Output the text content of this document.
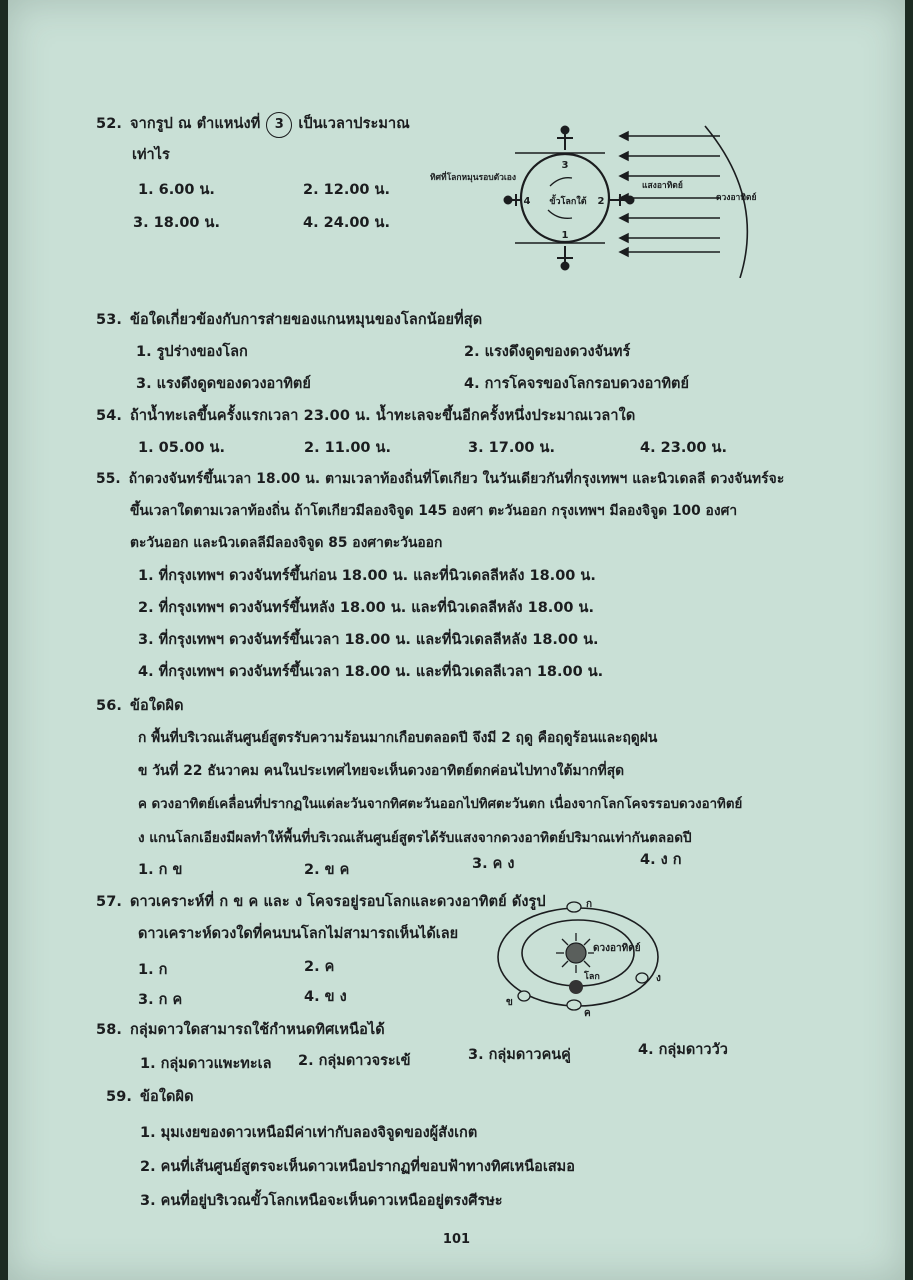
52. จากรูป ณ ตำแหน่งที่ 3 เป็นเวลาประมาณ
เท่าไร
1. 6.00 น.	2. 12.00 น.
3. 18.00 น.	4. 24.00 น.
3
4	2
1
ขั้วโลกใต้
ทิศที่โลกหมุนรอบตัวเอง
แสงอาทิตย์
ดวงอาทิตย์
53. ข้อใดเกี่ยวข้องกับการส่ายของแกนหมุนของโลกน้อยที่สุด
1. รูปร่างของโลก	2. แรงดึงดูดของดวงจันทร์
3. แรงดึงดูดของดวงอาทิตย์	4. การโคจรของโลกรอบดวงอาทิตย์
54. ถ้าน้ำทะเลขึ้นครั้งแรกเวลา 23.00 น. น้ำทะเลจะขึ้นอีกครั้งหนึ่งประมาณเวลาใด
1. 05.00 น.	2. 11.00 น.	3. 17.00 น.	4. 23.00 น.
55. ถ้าดวงจันทร์ขึ้นเวลา 18.00 น. ตามเวลาท้องถิ่นที่โตเกียว ในวันเดียวกันที่กรุงเทพฯ และนิวเดลลี ดวงจันทร์จะ
ขึ้นเวลาใดตามเวลาท้องถิ่น ถ้าโตเกียวมีลองจิจูด 145 องศา ตะวันออก กรุงเทพฯ มีลองจิจูด 100 องศา
ตะวันออก และนิวเดลลีมีลองจิจูด 85 องศาตะวันออก
1. ที่กรุงเทพฯ ดวงจันทร์ขึ้นก่อน 18.00 น. และที่นิวเดลลีหลัง 18.00 น.
2. ที่กรุงเทพฯ ดวงจันทร์ขึ้นหลัง 18.00 น. และที่นิวเดลลีหลัง 18.00 น.
3. ที่กรุงเทพฯ ดวงจันทร์ขึ้นเวลา 18.00 น. และที่นิวเดลลีหลัง 18.00 น.
4. ที่กรุงเทพฯ ดวงจันทร์ขึ้นเวลา 18.00 น. และที่นิวเดลลีเวลา 18.00 น.
56. ข้อใดผิด
ก พื้นที่บริเวณเส้นศูนย์สูตรรับความร้อนมากเกือบตลอดปี จึงมี 2 ฤดู คือฤดูร้อนและฤดูฝน
ข วันที่ 22 ธันวาคม คนในประเทศไทยจะเห็นดวงอาทิตย์ตกค่อนไปทางใต้มากที่สุด
ค ดวงอาทิตย์เคลื่อนที่ปรากฏในแต่ละวันจากทิศตะวันออกไปทิศตะวันตก เนื่องจากโลกโคจรรอบดวงอาทิตย์
ง แกนโลกเอียงมีผลทำให้พื้นที่บริเวณเส้นศูนย์สูตรได้รับแสงจากดวงอาทิตย์ปริมาณเท่ากันตลอดปี
1. ก ข	2. ข ค	3. ค ง	4. ง ก
57. ดาวเคราะห์ที่ ก ข ค และ ง โคจรอยู่รอบโลกและดวงอาทิตย์ ดังรูป
ดาวเคราะห์ดวงใดที่คนบนโลกไม่สามารถเห็นได้เลย
1. ก	2. ค
3. ก ค	4. ข ง
ดวงอาทิตย์
โลก
ก
ข
ค
ง
58. กลุ่มดาวใดสามารถใช้กำหนดทิศเหนือได้
1. กลุ่มดาวแพะทะเล 2. กลุ่มดาวจระเข้	3. กลุ่มดาวคนคู่	4. กลุ่มดาววัว
59. ข้อใดผิด
1. มุมเงยของดาวเหนือมีค่าเท่ากับลองจิจูดของผู้สังเกต
2. คนที่เส้นศูนย์สูตรจะเห็นดาวเหนือปรากฏที่ขอบฟ้าทางทิศเหนือเสมอ
3. คนที่อยู่บริเวณขั้วโลกเหนือจะเห็นดาวเหนืออยู่ตรงศีรษะ
101
